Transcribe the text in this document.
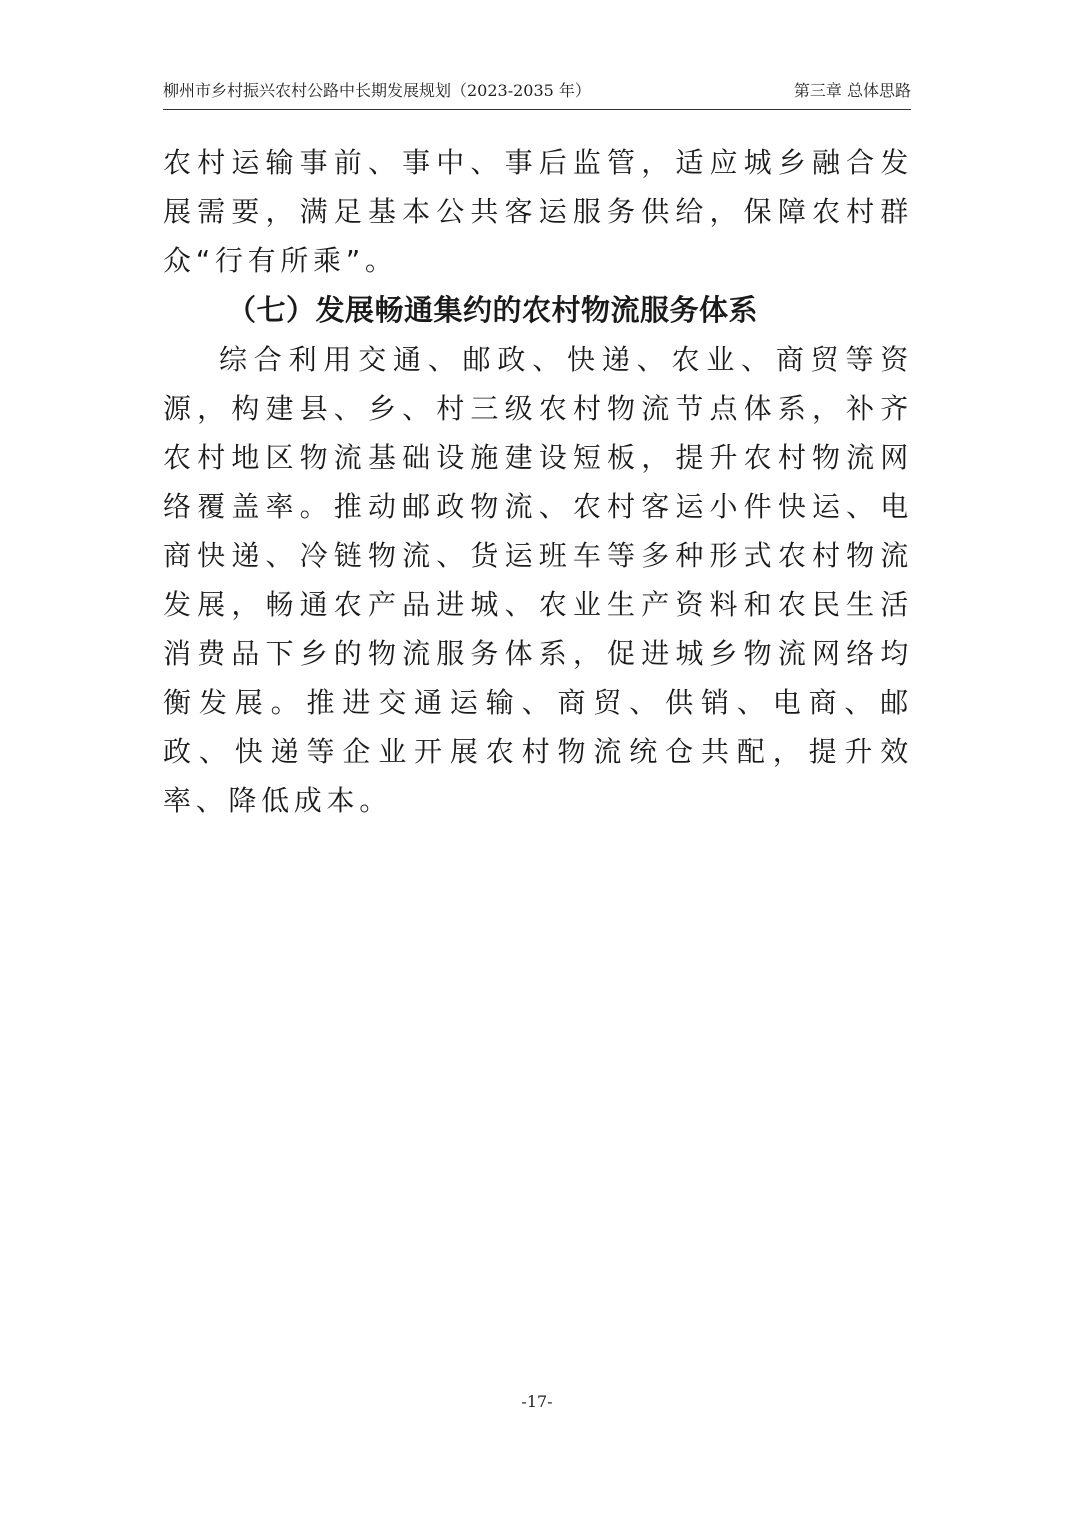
柳州市乡村振兴农村公路中长期发展规划（2023-2035 年）	第三章 总体思路

农村运输事前、事中、事后监管，适应城乡融合发展需要，满足基本公共客运服务供给，保障农村群众“行有所乘”。

（七）发展畅通集约的农村物流服务体系

综合利用交通、邮政、快递、农业、商贸等资源，构建县、乡、村三级农村物流节点体系，补齐农村地区物流基础设施建设短板，提升农村物流网络覆盖率。推动邮政物流、农村客运小件快运、电商快递、冷链物流、货运班车等多种形式农村物流发展，畅通农产品进城、农业生产资料和农民生活消费品下乡的物流服务体系，促进城乡物流网络均衡发展。推进交通运输、商贸、供销、电商、邮政、快递等企业开展农村物流统仓共配，提升效率、降低成本。

-17-
